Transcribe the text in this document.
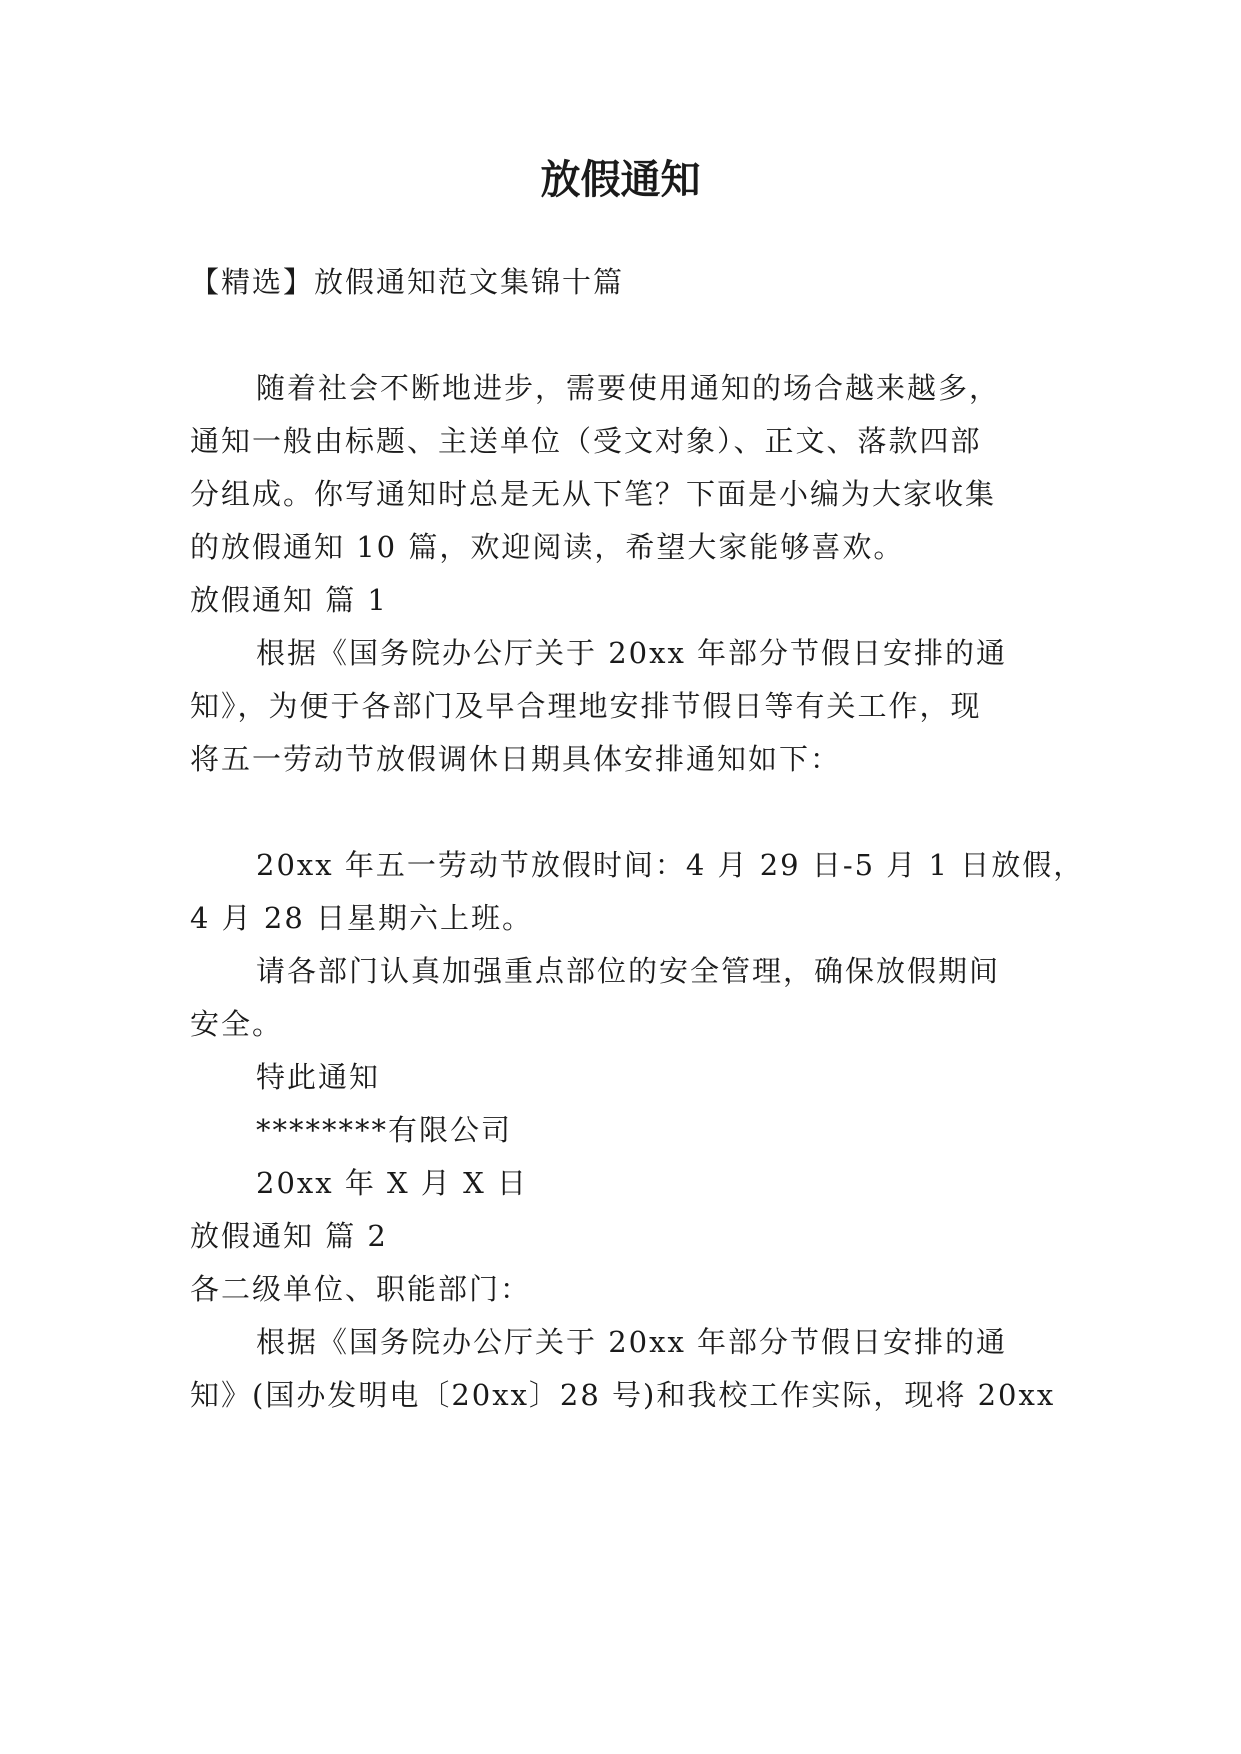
放假通知
【精选】放假通知范文集锦十篇
随着社会不断地进步，需要使用通知的场合越来越多，
通知一般由标题、主送单位（受文对象）、正文、落款四部
分组成。你写通知时总是无从下笔？下面是小编为大家收集
的放假通知 10 篇，欢迎阅读，希望大家能够喜欢。
放假通知 篇 1
根据《国务院办公厅关于 20xx 年部分节假日安排的通
知》，为便于各部门及早合理地安排节假日等有关工作，现
将五一劳动节放假调休日期具体安排通知如下：
20xx 年五一劳动节放假时间：4 月 29 日-5 月 1 日放假，
4 月 28 日星期六上班。
请各部门认真加强重点部位的安全管理，确保放假期间
安全。
特此通知
********有限公司
20xx 年 X 月 X 日
放假通知 篇 2
各二级单位、职能部门：
根据《国务院办公厅关于 20xx 年部分节假日安排的通
知》(国办发明电〔20xx〕28 号)和我校工作实际，现将 20xx
